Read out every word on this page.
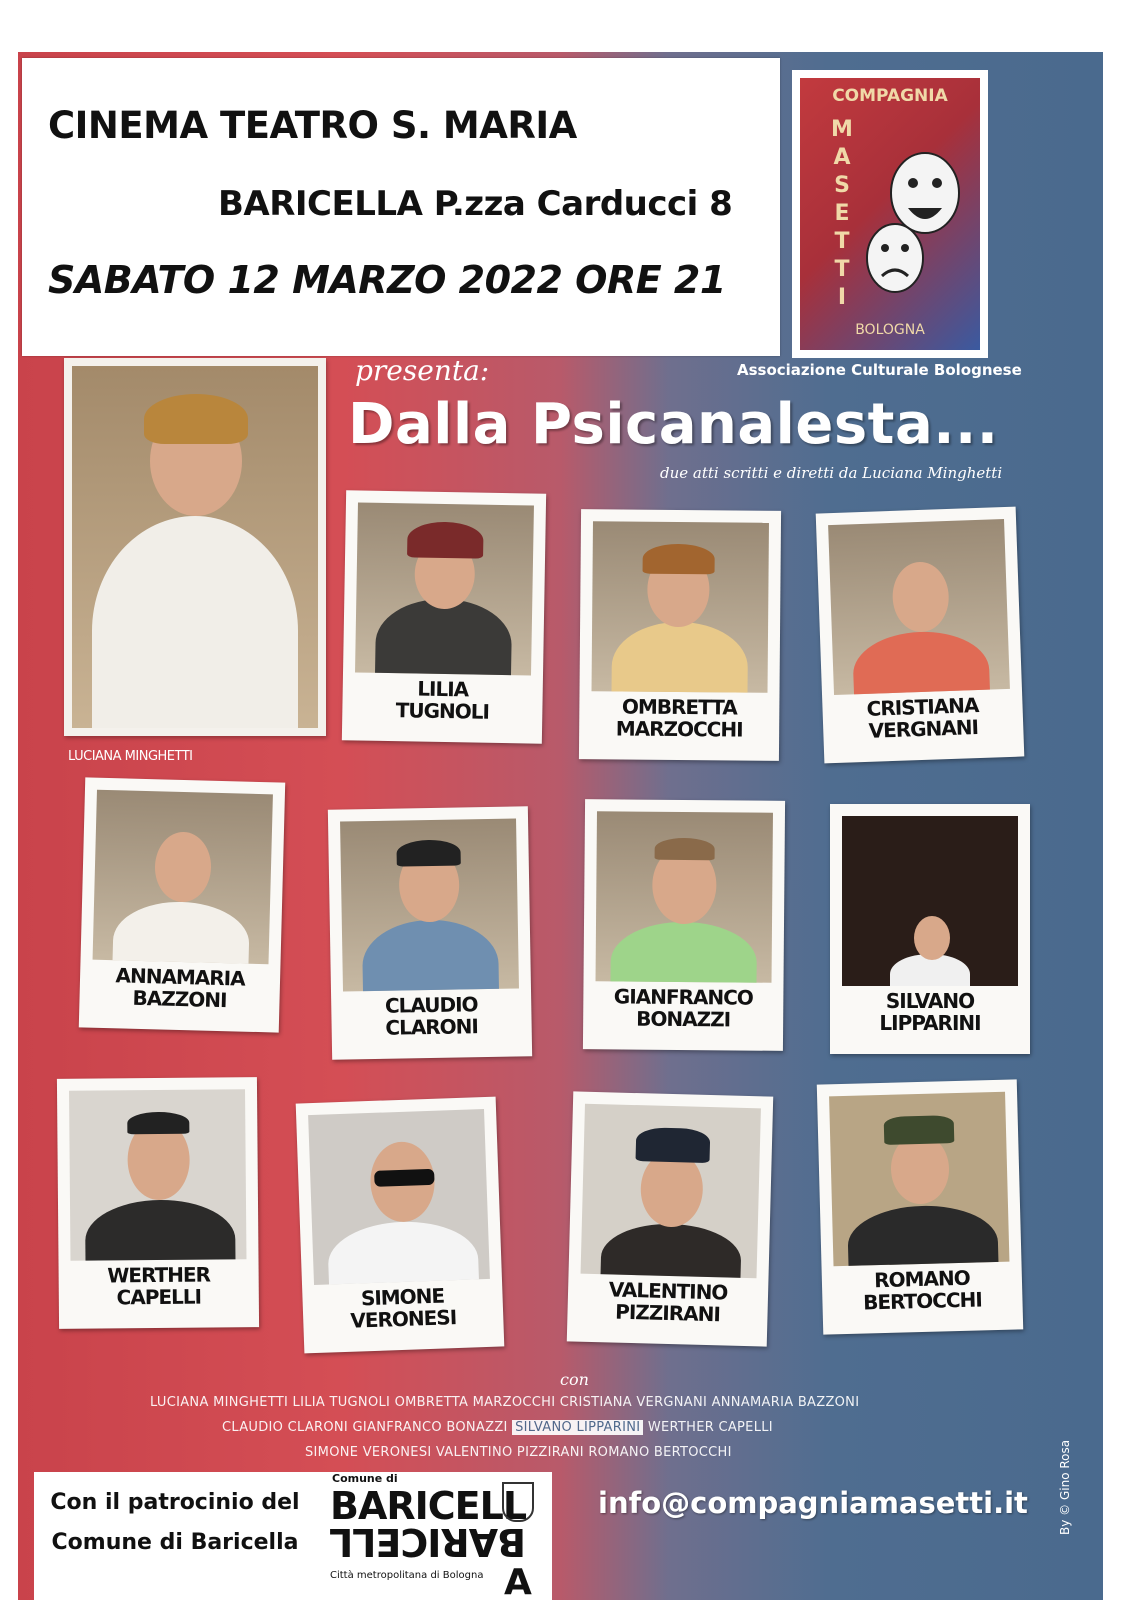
CINEMA TEATRO S. MARIA
BARICELLA P.zza Carducci 8
SABATO 12 MARZO 2022 ORE 21
COMPAGNIA
M
A
S
E
T
T
I
BOLOGNA
Associazione Culturale Bolognese
presenta:
Dalla Psicanalesta...
due atti scritti e diretti da Luciana Minghetti
LUCIANA MINGHETTI
LILIA
TUGNOLI	OMBRETTA
MARZOCCHI
CRISTIANA
VERGNANI
ANNAMARIA
BAZZONI	CLAUDIO
CLARONI
GIANFRANCO
BONAZZI
SILVANO
LIPPARINI
WERTHER
CAPELLI	SIMONE
VERONESI
VALENTINO
PIZZIRANI
ROMANO
BERTOCCHI
con
LUCIANA MINGHETTI LILIA TUGNOLI OMBRETTA MARZOCCHI CRISTIANA VERGNANI ANNAMARIA BAZZONI
CLAUDIO CLARONI GIANFRANCO BONAZZI SILVANO LIPPARINI WERTHER CAPELLI
SIMONE VERONESI VALENTINO PIZZIRANI ROMANO BERTOCCHI
info@compagniamasetti.it	By © Gino Rosa
Con il patrocinio del
Comune di Baricella
Comune di
BARICELL
BARICELL
A
Città metropolitana di Bologna
